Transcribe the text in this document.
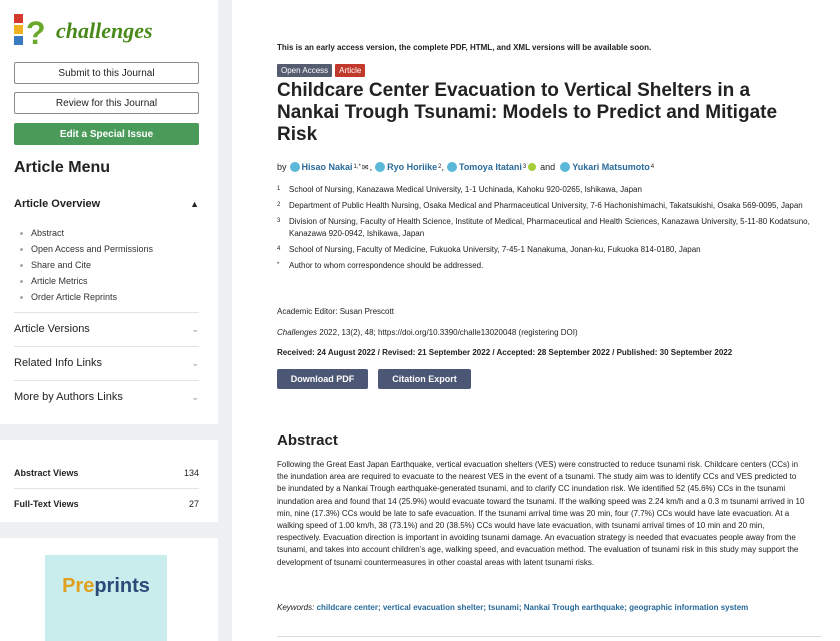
? challenges
Submit to this Journal
Review for this Journal
Edit a Special Issue
Article Menu
Article Overview	▲
Abstract
Open Access and Permissions
Share and Cite
Article Metrics
Order Article Reprints
Article Versions	⌄
Related Info Links	⌄
More by Authors Links	⌄
Abstract Views	134
Full-Text Views	27
Pre prints
This is an early access version, the complete PDF, HTML, and XML versions will be available soon.
Open Access	Article
Childcare Center Evacuation to Vertical Shelters in a Nankai Trough Tsunami: Models to Predict and Mitigate Risk
by Hisao Nakai 1,* ✉ , Ryo Horiike 2 , Tomoya Itatani 3 and Yukari Matsumoto 4
1	School of Nursing, Kanazawa Medical University, 1-1 Uchinada, Kahoku 920-0265, Ishikawa, Japan
2	Department of Public Health Nursing, Osaka Medical and Pharmaceutical University, 7-6 Hachonishimachi, Takatsukishi, Osaka 569-0095, Japan
3	Division of Nursing, Faculty of Health Science, Institute of Medical, Pharmaceutical and Health Sciences, Kanazawa University, 5-11-80 Kodatsuno, Kanazawa 920-0942, Ishikawa, Japan
4	School of Nursing, Faculty of Medicine, Fukuoka University, 7-45-1 Nanakuma, Jonan-ku, Fukuoka 814-0180, Japan
*	Author to whom correspondence should be addressed.
Academic Editor: Susan Prescott
Challenges 2022, 13(2), 48; https://doi.org/10.3390/challe13020048 (registering DOI)
Received: 24 August 2022 / Revised: 21 September 2022 / Accepted: 28 September 2022 / Published: 30 September 2022
Download PDF	Citation Export
Abstract

Following the Great East Japan Earthquake, vertical evacuation shelters (VES) were constructed to reduce tsunami risk. Childcare centers (CCs) in the inundation area are required to evacuate to the nearest VES in the event of a tsunami. The study aim was to identify CCs and VES predicted to be inundated by a Nankai Trough earthquake-generated tsunami, and to clarify CC inundation risk. We identified 52 (45.6%) CCs in the tsunami inundation area and found that 14 (25.9%) would evacuate toward the tsunami. If the walking speed was 2.24 km/h and a 0.3 m tsunami arrived in 10 min, nine (17.3%) CCs would be late to safe evacuation. If the tsunami arrival time was 20 min, four (7.7%) CCs would have late evacuation. At a walking speed of 1.00 km/h, 38 (73.1%) and 20 (38.5%) CCs would have late evacuation, with tsunami arrival times of 10 min and 20 min, respectively. Evacuation direction is important in avoiding tsunami damage. An evacuation strategy is needed that evacuates people away from the tsunami, and takes into account children’s age, walking speed, and evacuation method. The evaluation of tsunami risk in this study may support the development of tsunami countermeasures in other coastal areas with latent tsunami risks.

Keywords: childcare center; vertical evacuation shelter; tsunami; Nankai Trough earthquake; geographic information system
